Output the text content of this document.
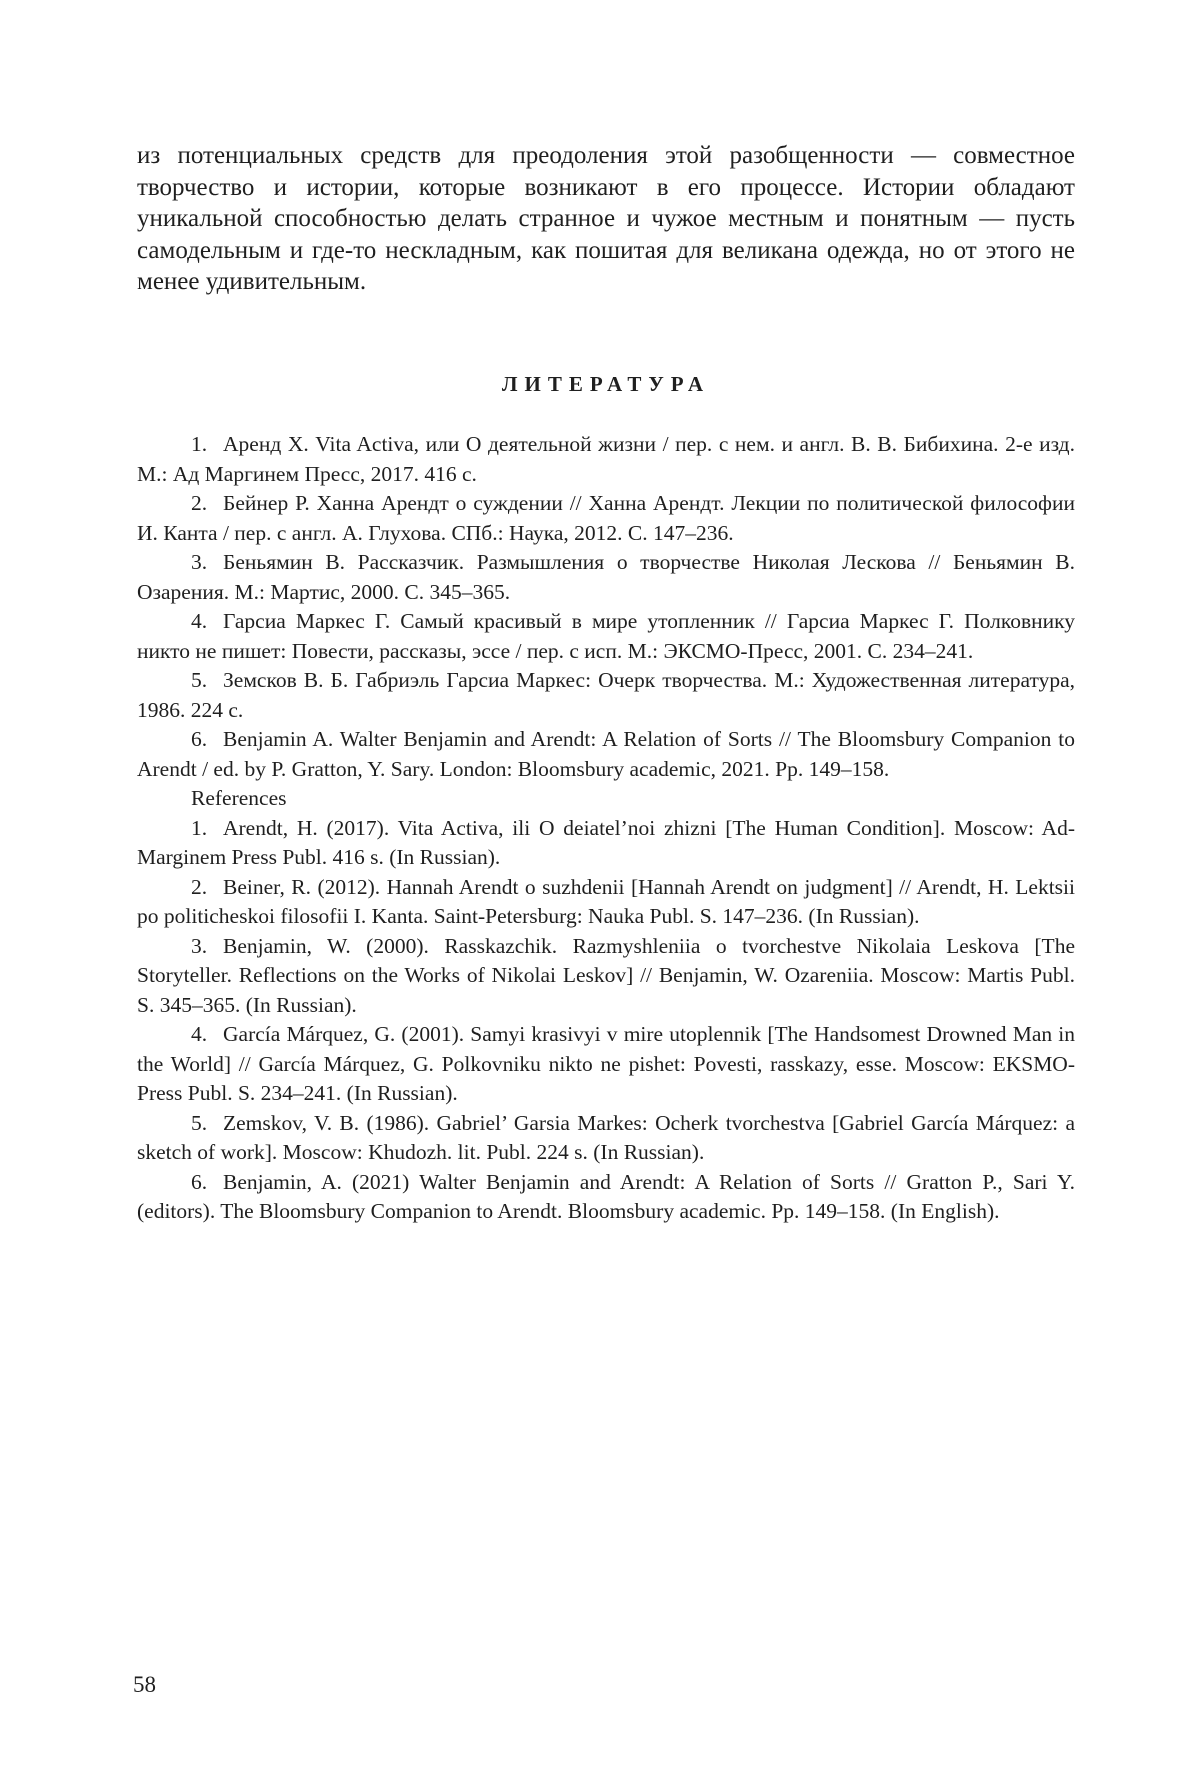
из потенциальных средств для преодоления этой разобщенности — совместное творчество и истории, которые возникают в его процессе. Истории обладают уникальной способностью делать странное и чужое местным и понятным — пусть самодельным и где-то нескладным, как пошитая для великана одежда, но от этого не менее удивительным.

ЛИТЕРАТУРА

1. Аренд Х. Vita Activa, или О деятельной жизни / пер. с нем. и англ. В. В. Бибихина. 2-е изд. М.: Ад Маргинем Пресс, 2017. 416 с.

2. Бейнер Р. Ханна Арендт о суждении // Ханна Арендт. Лекции по политической философии И. Канта / пер. с англ. А. Глухова. СПб.: Наука, 2012. С. 147–236.

3. Беньямин В. Рассказчик. Размышления о творчестве Николая Лескова // Беньямин В. Озарения. М.: Мартис, 2000. С. 345–365.

4. Гарсиа Маркес Г. Самый красивый в мире утопленник // Гарсиа Маркес Г. Полковнику никто не пишет: Повести, рассказы, эссе / пер. с исп. М.: ЭКСМО-Пресс, 2001. С. 234–241.

5. Земсков В. Б. Габриэль Гарсиа Маркес: Очерк творчества. М.: Художественная литература, 1986. 224 с.

6. Benjamin A. Walter Benjamin and Arendt: A Relation of Sorts // The Bloomsbury Companion to Arendt / ed. by P. Gratton, Y. Sary. London: Bloomsbury academic, 2021. Pp. 149–158.

References

1. Arendt, H. (2017). Vita Activa, ili O deiatel’noi zhizni [The Human Condition]. Moscow: Ad-Marginem Press Publ. 416 s. (In Russian).

2. Beiner, R. (2012). Hannah Arendt o suzhdenii [Hannah Arendt on judgment] // Arendt, H. Lektsii po politicheskoi filosofii I. Kanta. Saint-Petersburg: Nauka Publ. S. 147–236. (In Russian).

3. Benjamin, W. (2000). Rasskazchik. Razmyshleniia o tvorchestve Nikolaia Leskova [The Storyteller. Reflections on the Works of Nikolai Leskov] // Benjamin, W. Ozareniia. Moscow: Martis Publ. S. 345–365. (In Russian).

4. García Márquez, G. (2001). Samyi krasivyi v mire utoplennik [The Handsomest Drowned Man in the World] // García Márquez, G. Polkovniku nikto ne pishet: Povesti, rasskazy, esse. Moscow: EKSMO-Press Publ. S. 234–241. (In Russian).

5. Zemskov, V. B. (1986). Gabriel’ Garsia Markes: Ocherk tvorchestva [Gabriel García Márquez: a sketch of work]. Moscow: Khudozh. lit. Publ. 224 s. (In Russian).

6. Benjamin, A. (2021) Walter Benjamin and Arendt: A Relation of Sorts // Gratton P., Sari Y. (editors). The Bloomsbury Companion to Arendt. Bloomsbury academic. Pp. 149–158. (In English).

58
